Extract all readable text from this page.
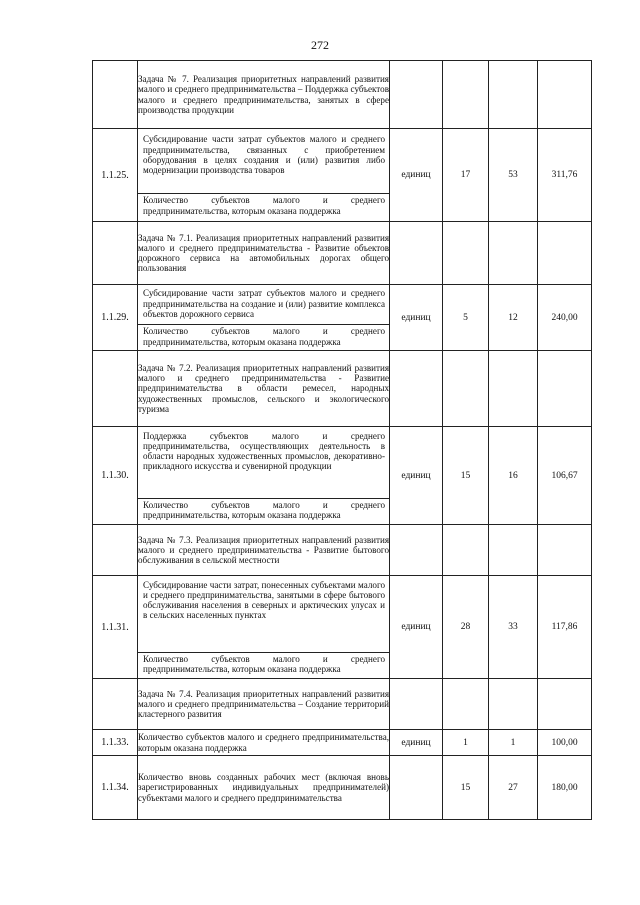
272
	Задача № 7. Реализация приоритетных направлений развития малого и среднего предпринимательства – Поддержка субъектов малого и среднего предпринимательства, занятых в сфере производства продукции				
1.1.25.	Субсидирование части затрат субъектов малого и среднего предпринимательства, связанных с приобретением оборудования в целях создания и (или) развития либо модернизации производства товаров
Количество субъектов малого и среднего предпринимательства, которым оказана поддержка	единиц	17	53	311,76
	Задача № 7.1. Реализация приоритетных направлений развития малого и среднего предпринимательства - Развитие объектов дорожного сервиса на автомобильных дорогах общего пользования				
1.1.29.	Субсидирование части затрат субъектов малого и среднего предпринимательства на создание и (или) развитие комплекса объектов дорожного сервиса
Количество субъектов малого и среднего предпринимательства, которым оказана поддержка	единиц	5	12	240,00
	Задача № 7.2. Реализация приоритетных направлений развития малого и среднего предпринимательства - Развитие предпринимательства в области ремесел, народных художественных промыслов, сельского и экологического туризма				
1.1.30.	Поддержка субъектов малого и среднего предпринимательства, осуществляющих деятельность в области народных художественных промыслов, декоративно-прикладного искусства и сувенирной продукции
Количество субъектов малого и среднего предпринимательства, которым оказана поддержка	единиц	15	16	106,67
	Задача № 7.3. Реализация приоритетных направлений развития малого и среднего предпринимательства - Развитие бытового обслуживания в сельской местности				
1.1.31.	Субсидирование части затрат, понесенных субъектами малого и среднего предпринимательства, занятыми в сфере бытового обслуживания населения в северных и арктических улусах и в сельских населенных пунктах
Количество субъектов малого и среднего предпринимательства, которым оказана поддержка	единиц	28	33	117,86
	Задача № 7.4. Реализация приоритетных направлений развития малого и среднего предпринимательства – Создание территорий кластерного развития				
1.1.33.	Количество субъектов малого и среднего предпринимательства, которым оказана поддержка	единиц	1	1	100,00
1.1.34.	Количество вновь созданных рабочих мест (включая вновь зарегистрированных индивидуальных предпринимателей) субъектами малого и среднего предпринимательства		15	27	180,00
